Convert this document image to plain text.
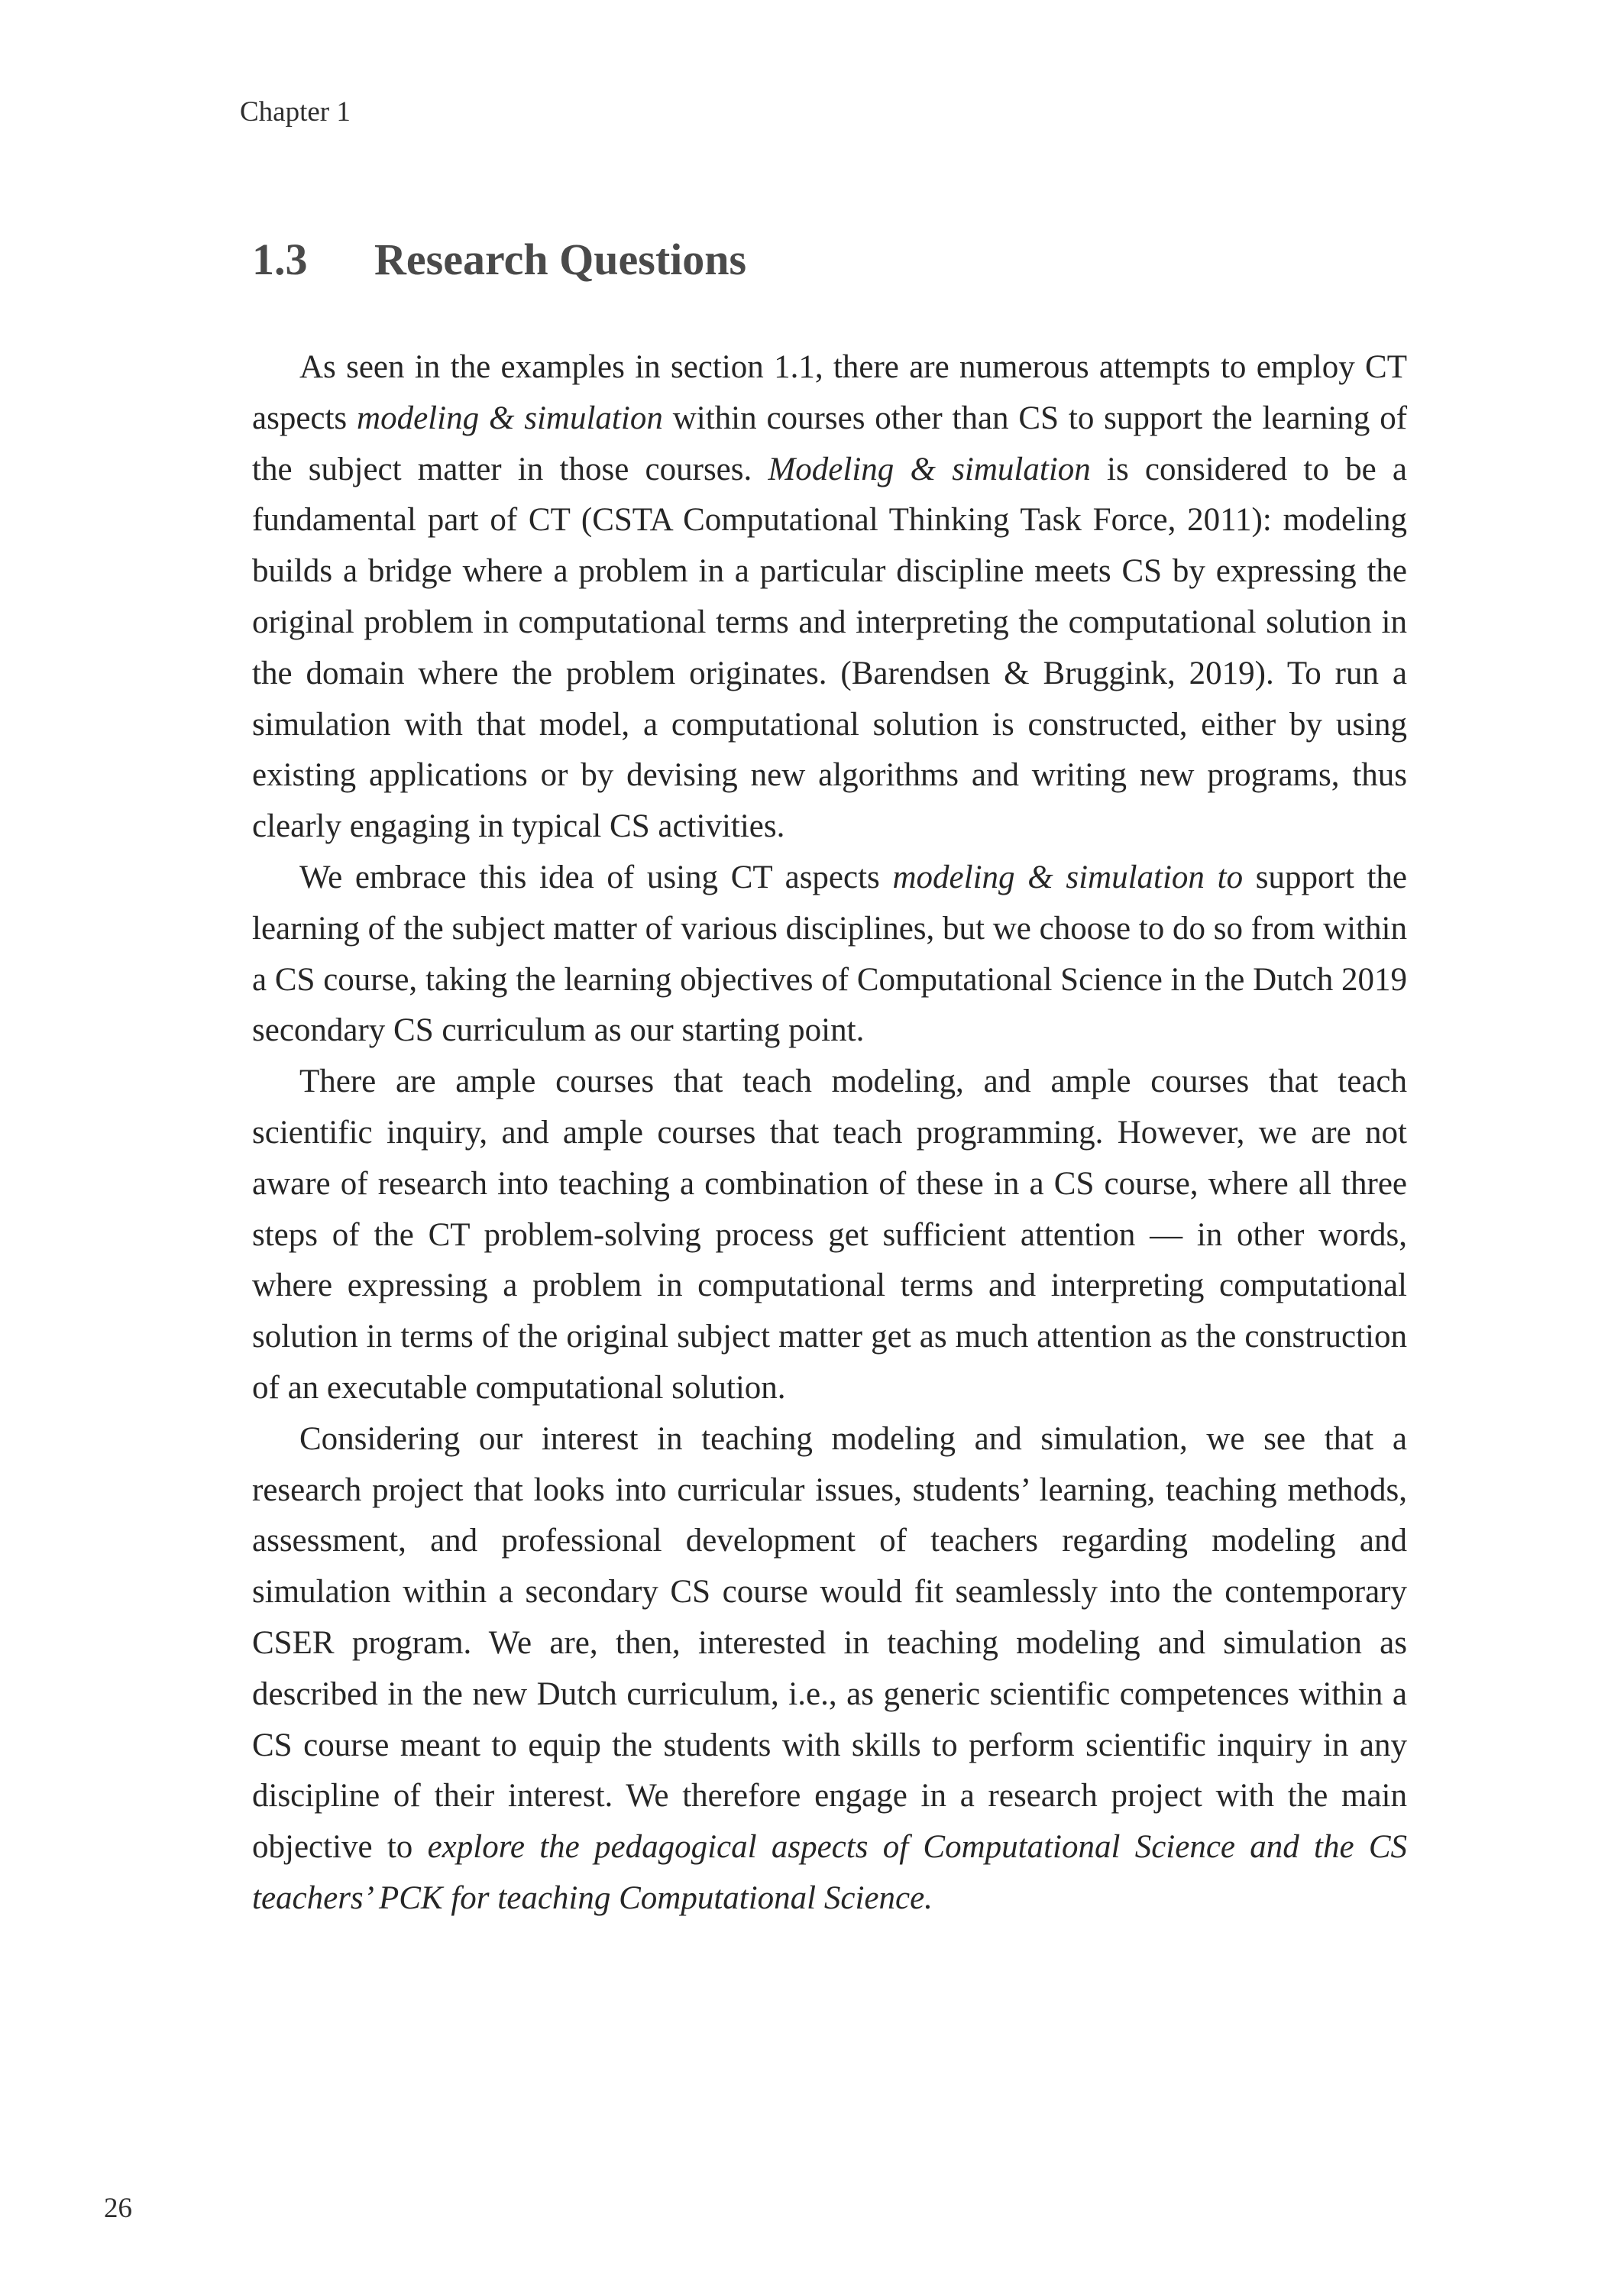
Chapter 1
1.3 Research Questions

As seen in the examples in section 1.1, there are numerous attempts to employ CT aspects modeling & simulation within courses other than CS to support the learning of the subject matter in those courses. Modeling & simulation is considered to be a fundamental part of CT (CSTA Computational Thinking Task Force, 2011): modeling builds a bridge where a problem in a particular discipline meets CS by expressing the original problem in computational terms and interpreting the computational solution in the domain where the problem originates. (Barendsen & Bruggink, 2019). To run a simulation with that model, a computational solution is constructed, either by using existing applications or by devising new algorithms and writing new programs, thus clearly engaging in typical CS activities.

We embrace this idea of using CT aspects modeling & simulation to support the learning of the subject matter of various disciplines, but we choose to do so from within a CS course, taking the learning objectives of Computational Science in the Dutch 2019 secondary CS curriculum as our starting point.

There are ample courses that teach modeling, and ample courses that teach scientific inquiry, and ample courses that teach programming. However, we are not aware of research into teaching a combination of these in a CS course, where all three steps of the CT problem-solving process get sufficient attention — in other words, where expressing a problem in computational terms and interpreting computational solution in terms of the original subject matter get as much attention as the construction of an executable computational solution.

Considering our interest in teaching modeling and simulation, we see that a research project that looks into curricular issues, students’ learning, teaching methods, assessment, and professional development of teachers regarding modeling and simulation within a secondary CS course would fit seamlessly into the contemporary CSER program. We are, then, interested in teaching modeling and simulation as described in the new Dutch curriculum, i.e., as generic scientific competences within a CS course meant to equip the students with skills to perform scientific inquiry in any discipline of their interest. We therefore engage in a research project with the main objective to explore the pedagogical aspects of Computational Science and the CS teachers’ PCK for teaching Computational Science.

26
